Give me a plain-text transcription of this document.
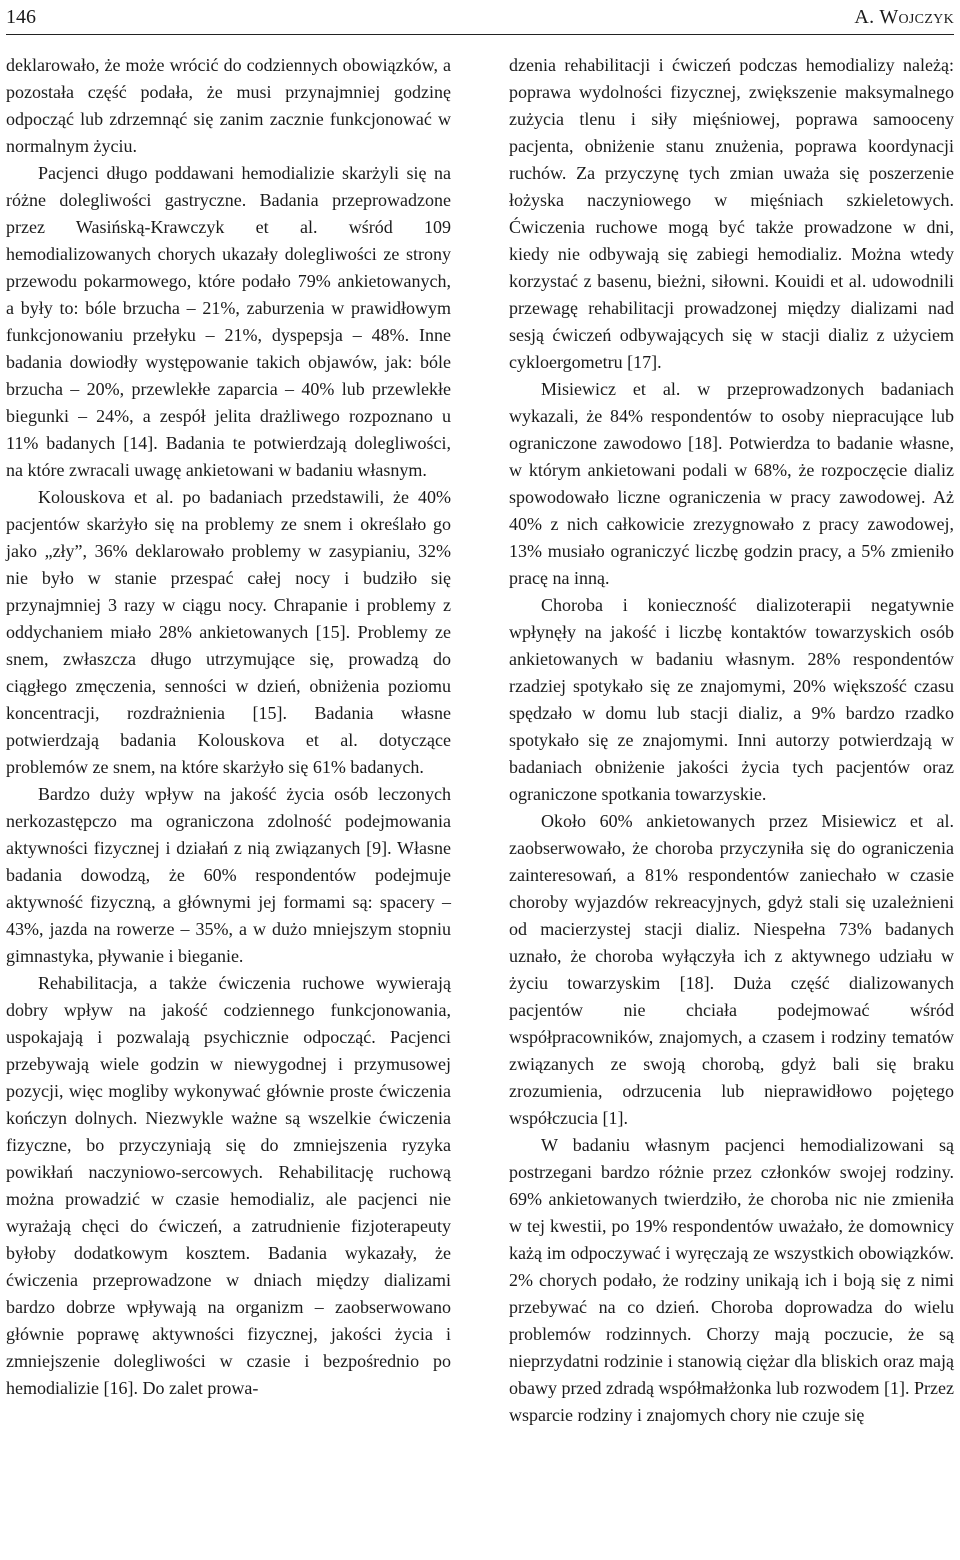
146	A. Wojczyk

deklarowało, że może wrócić do codziennych obowiązków, a pozostała część podała, że musi przynajmniej godzinę odpocząć lub zdrzemnąć się zanim zacznie funkcjonować w normalnym życiu.

Pacjenci długo poddawani hemodializie skarżyli się na różne dolegliwości gastryczne. Badania przeprowadzone przez Wasińską-Krawczyk et al. wśród 109 hemodializowanych chorych ukazały dolegliwości ze strony przewodu pokarmowego, które podało 79% ankietowanych, a były to: bóle brzucha – 21%, zaburzenia w prawidłowym funkcjonowaniu przełyku – 21%, dyspepsja – 48%. Inne badania dowiodły występowanie takich objawów, jak: bóle brzucha – 20%, przewlekłe zaparcia – 40% lub przewlekłe biegunki – 24%, a zespół jelita drażliwego rozpoznano u 11% badanych [14]. Badania te potwierdzają dolegliwości, na które zwracali uwagę ankietowani w badaniu własnym.

Kolouskova et al. po badaniach przedstawili, że 40% pacjentów skarżyło się na problemy ze snem i określało go jako „zły”, 36% deklarowało problemy w zasypianiu, 32% nie było w stanie przespać całej nocy i budziło się przynajmniej 3 razy w ciągu nocy. Chrapanie i problemy z oddychaniem miało 28% ankietowanych [15]. Problemy ze snem, zwłaszcza długo utrzymujące się, prowadzą do ciągłego zmęczenia, senności w dzień, obniżenia poziomu koncentracji, rozdrażnienia [15]. Badania własne potwierdzają badania Kolouskova et al. dotyczące problemów ze snem, na które skarżyło się 61% badanych.

Bardzo duży wpływ na jakość życia osób leczonych nerkozastępczo ma ograniczona zdolność podejmowania aktywności fizycznej i działań z nią związanych [9]. Własne badania dowodzą, że 60% respondentów podejmuje aktywność fizyczną, a głównymi jej formami są: spacery – 43%, jazda na rowerze – 35%, a w dużo mniejszym stopniu gimnastyka, pływanie i bieganie.

Rehabilitacja, a także ćwiczenia ruchowe wywierają dobry wpływ na jakość codziennego funkcjonowania, uspokajają i pozwalają psychicznie odpocząć. Pacjenci przebywają wiele godzin w niewygodnej i przymusowej pozycji, więc mogliby wykonywać głównie proste ćwiczenia kończyn dolnych. Niezwykle ważne są wszelkie ćwiczenia fizyczne, bo przyczyniają się do zmniejszenia ryzyka powikłań naczyniowo-sercowych. Rehabilitację ruchową można prowadzić w czasie hemodializ, ale pacjenci nie wyrażają chęci do ćwiczeń, a zatrudnienie fizjoterapeuty byłoby dodatkowym kosztem. Badania wykazały, że ćwiczenia przeprowadzone w dniach między dializami bardzo dobrze wpływają na organizm – zaobserwowano głównie poprawę aktywności fizycznej, jakości życia i zmniejszenie dolegliwości w czasie i bezpośrednio po hemodializie [16]. Do zalet prowa-

dzenia rehabilitacji i ćwiczeń podczas hemodializy należą: poprawa wydolności fizycznej, zwiększenie maksymalnego zużycia tlenu i siły mięśniowej, poprawa samooceny pacjenta, obniżenie stanu znużenia, poprawa koordynacji ruchów. Za przyczynę tych zmian uważa się poszerzenie łożyska naczyniowego w mięśniach szkieletowych. Ćwiczenia ruchowe mogą być także prowadzone w dni, kiedy nie odbywają się zabiegi hemodializ. Można wtedy korzystać z basenu, bieżni, siłowni. Kouidi et al. udowodnili przewagę rehabilitacji prowadzonej między dializami nad sesją ćwiczeń odbywających się w stacji dializ z użyciem cykloergometru [17].

Misiewicz et al. w przeprowadzonych badaniach wykazali, że 84% respondentów to osoby niepracujące lub ograniczone zawodowo [18]. Potwierdza to badanie własne, w którym ankietowani podali w 68%, że rozpoczęcie dializ spowodowało liczne ograniczenia w pracy zawodowej. Aż 40% z nich całkowicie zrezygnowało z pracy zawodowej, 13% musiało ograniczyć liczbę godzin pracy, a 5% zmieniło pracę na inną.

Choroba i konieczność dializoterapii negatywnie wpłynęły na jakość i liczbę kontaktów towarzyskich osób ankietowanych w badaniu własnym. 28% respondentów rzadziej spotykało się ze znajomymi, 20% większość czasu spędzało w domu lub stacji dializ, a 9% bardzo rzadko spotykało się ze znajomymi. Inni autorzy potwierdzają w badaniach obniżenie jakości życia tych pacjentów oraz ograniczone spotkania towarzyskie.

Około 60% ankietowanych przez Misiewicz et al. zaobserwowało, że choroba przyczyniła się do ograniczenia zainteresowań, a 81% respondentów zaniechało w czasie choroby wyjazdów rekreacyjnych, gdyż stali się uzależnieni od macierzystej stacji dializ. Niespełna 73% badanych uznało, że choroba wyłączyła ich z aktywnego udziału w życiu towarzyskim [18]. Duża część dializowanych pacjentów nie chciała podejmować wśród współpracowników, znajomych, a czasem i rodziny tematów związanych ze swoją chorobą, gdyż bali się braku zrozumienia, odrzucenia lub nieprawidłowo pojętego współczucia [1].

W badaniu własnym pacjenci hemodializowani są postrzegani bardzo różnie przez członków swojej rodziny. 69% ankietowanych twierdziło, że choroba nic nie zmieniła w tej kwestii, po 19% respondentów uważało, że domownicy każą im odpoczywać i wyręczają ze wszystkich obowiązków. 2% chorych podało, że rodziny unikają ich i boją się z nimi przebywać na co dzień. Choroba doprowadza do wielu problemów rodzinnych. Chorzy mają poczucie, że są nieprzydatni rodzinie i stanowią ciężar dla bliskich oraz mają obawy przed zdradą współmałżonka lub rozwodem [1]. Przez wsparcie rodziny i znajomych chory nie czuje się
